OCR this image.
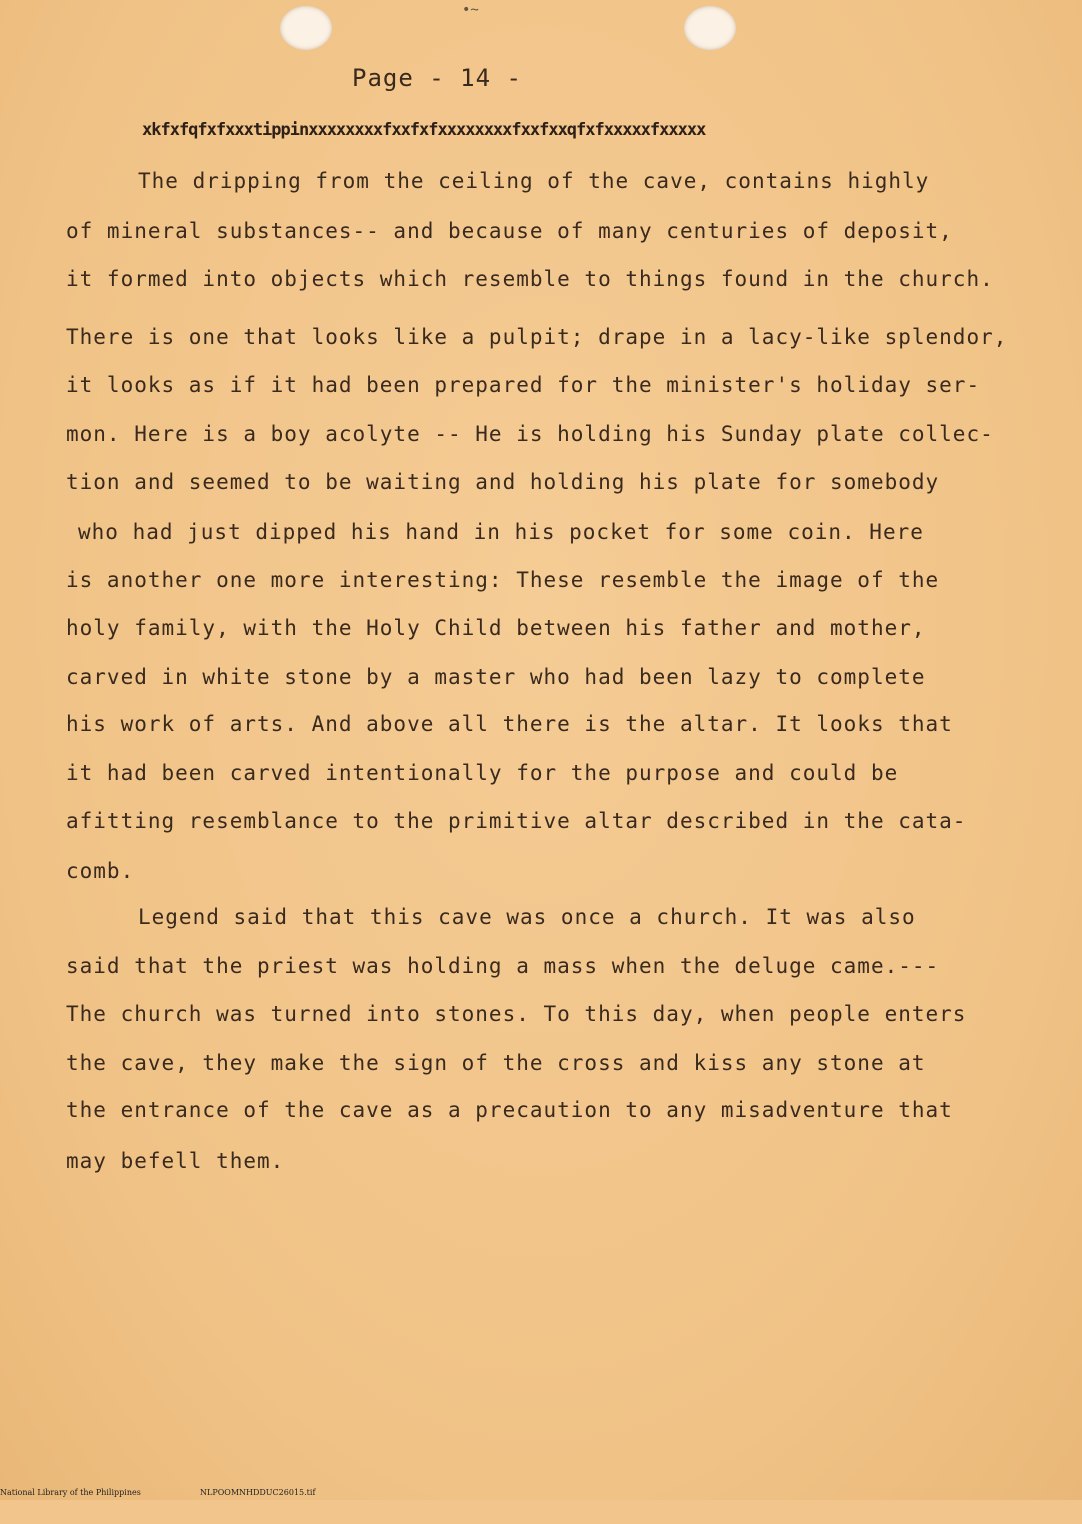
•~
Page - 14 -
xkfxfqfxfxxxtippinxxxxxxxxfxxfxfxxxxxxxxfxxfxxqfxfxxxxxfxxxxx
The dripping from the ceiling of the cave, contains highly
of mineral substances-- and because of many centuries of deposit,
it formed into objects which resemble to things found in the church.
There is one that looks like a pulpit; drape in a lacy-like splendor,
it looks as if it had been prepared for the minister's holiday ser-
mon. Here is a boy acolyte -- He is holding his Sunday plate collec-
tion and seemed to be waiting and holding his plate for somebody
who had just dipped his hand in his pocket for some coin. Here
is another one more interesting: These resemble the image of the
holy family, with the Holy Child between his father and mother,
carved in white stone by a master who had been lazy to complete
his work of arts. And above all there is the altar. It looks that
it had been carved intentionally for the purpose and could be
afitting resemblance to the primitive altar described in the cata-
comb.
Legend said that this cave was once a church. It was also
said that the priest was holding a mass when the deluge came.---
The church was turned into stones. To this day, when people enters
the cave, they make the sign of the cross and kiss any stone at
the entrance of the cave as a precaution to any misadventure that
may befell them.

National Library of the Philippines

	NLPOOMNHDDUC26015.tif
